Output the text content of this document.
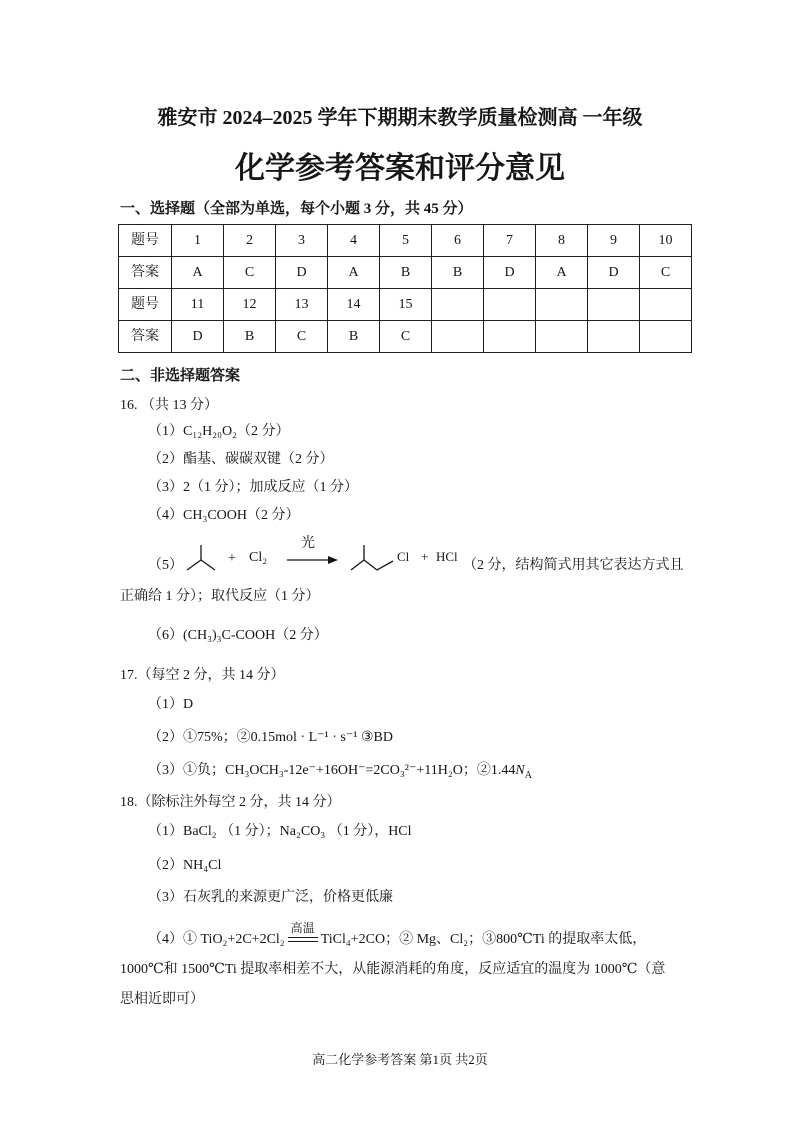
雅安市 2024–2025 学年下期期末教学质量检测高 一年级
化学参考答案和评分意见
一、选择题（全部为单选，每个小题 3 分，共 45 分）
题号	1	2	3	4	5	6	7	8	9	10
答案	A	C	D	A	B	B	D	A	D	C
题号	11	12	13	14	15					
答案	D	B	C	B	C					
二、非选择题答案
16. （共 13 分）
（1）C₁₂H₂₀O₂（2 分）
（2）酯基、碳碳双键（2 分）
（3）2（1 分）；加成反应（1 分）
（4）CH₃COOH（2 分）
（5）	+ Cl₂
光
Cl + HCl
（2 分，结构简式用其它表达方式且
正确给 1 分）；取代反应（1 分）
（6）(CH₃)₃C-COOH（2 分）
17.（每空 2 分，共 14 分）
（1）D
（2）①75%；②0.15mol · L⁻¹ · s⁻¹ ③BD
（3）①负；CH₃OCH₃-12e⁻+16OH⁻=2CO₃²⁻+11H₂O；$②1.44N_A$
18.（除标注外每空 2 分，共 14 分）
（1）BaCl₂ （1 分）；Na₂CO₃ （1 分），HCl
（2）NH₄Cl
（3）石灰乳的来源更广泛，价格更低廉
（4）① TiO₂+2C+2Cl₂
高温
TiCl₄+2CO；② Mg、Cl₂；③800℃Ti 的提取率太低，
1000℃和 1500℃Ti 提取率相差不大，从能源消耗的角度，反应适宜的温度为 1000℃（意
思相近即可）
高二化学参考答案 第1页 共2页
